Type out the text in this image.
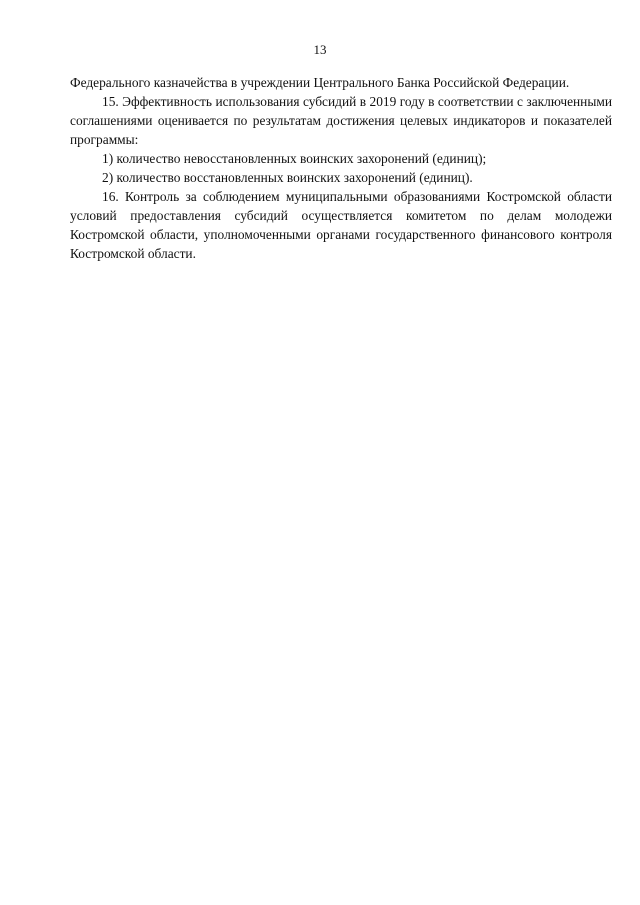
13

Федерального казначейства в учреждении Центрального Банка Российской Федерации.

15. Эффективность использования субсидий в 2019 году в соответствии с заключенными соглашениями оценивается по результатам достижения целевых индикаторов и показателей программы:

1) количество невосстановленных воинских захоронений (единиц);

2) количество восстановленных воинских захоронений (единиц).

16. Контроль за соблюдением муниципальными образованиями Костромской области условий предоставления субсидий осуществляется комитетом по делам молодежи Костромской области, уполномоченными органами государственного финансового контроля Костромской области.
